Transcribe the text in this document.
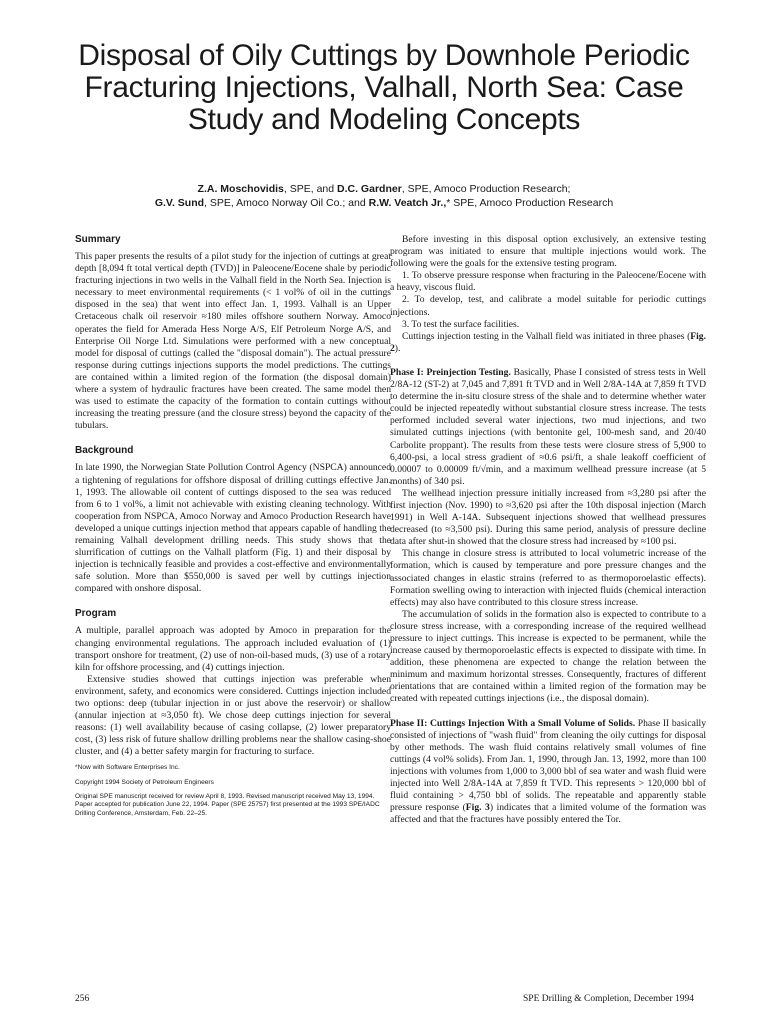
Disposal of Oily Cuttings by Downhole Periodic Fracturing Injections, Valhall, North Sea: Case Study and Modeling Concepts

Z.A. Moschovidis, SPE, and D.C. Gardner, SPE, Amoco Production Research;

G.V. Sund, SPE, Amoco Norway Oil Co.; and R.W. Veatch Jr.,* SPE, Amoco Production Research

Summary

This paper presents the results of a pilot study for the injection of cuttings at great depth [8,094 ft total vertical depth (TVD)] in Paleocene/Eocene shale by periodic fracturing injections in two wells in the Valhall field in the North Sea. Injection is necessary to meet environmental requirements (< 1 vol% of oil in the cuttings disposed in the sea) that went into effect Jan. 1, 1993. Valhall is an Upper Cretaceous chalk oil reservoir ≈180 miles offshore southern Norway. Amoco operates the field for Amerada Hess Norge A/S, Elf Petroleum Norge A/S, and Enterprise Oil Norge Ltd. Simulations were performed with a new conceptual model for disposal of cuttings (called the "disposal domain"). The actual pressure response during cuttings injections supports the model predictions. The cuttings are contained within a limited region of the formation (the disposal domain) where a system of hydraulic fractures have been created. The same model then was used to estimate the capacity of the formation to contain cuttings without increasing the treating pressure (and the closure stress) beyond the capacity of the tubulars.

Background

In late 1990, the Norwegian State Pollution Control Agency (NSPCA) announced a tightening of regulations for offshore disposal of drilling cuttings effective Jan. 1, 1993. The allowable oil content of cuttings disposed to the sea was reduced from 6 to 1 vol%, a limit not achievable with existing cleaning technology. With cooperation from NSPCA, Amoco Norway and Amoco Production Research have developed a unique cuttings injection method that appears capable of handling the remaining Valhall development drilling needs. This study shows that the slurrification of cuttings on the Valhall platform (Fig. 1) and their disposal by injection is technically feasible and provides a cost-effective and environmentally safe solution. More than $550,000 is saved per well by cuttings injection compared with onshore disposal.

Program

A multiple, parallel approach was adopted by Amoco in preparation for the changing environmental regulations. The approach included evaluation of (1) transport onshore for treatment, (2) use of non-oil-based muds, (3) use of a rotary kiln for offshore processing, and (4) cuttings injection.

Extensive studies showed that cuttings injection was preferable when environment, safety, and economics were considered. Cuttings injection included two options: deep (tubular injection in or just above the reservoir) or shallow (annular injection at ≈3,050 ft). We chose deep cuttings injection for several reasons: (1) well availability because of casing collapse, (2) lower preparatory cost, (3) less risk of future shallow drilling problems near the shallow casing-shoe cluster, and (4) a better safety margin for fracturing to surface.

*Now with Software Enterprises Inc.

Copyright 1994 Society of Petroleum Engineers

Original SPE manuscript received for review April 8, 1993. Revised manuscript received May 13, 1994. Paper accepted for publication June 22, 1994. Paper (SPE 25757) first presented at the 1993 SPE/IADC Drilling Conference, Amsterdam, Feb. 22–25.

Before investing in this disposal option exclusively, an extensive testing program was initiated to ensure that multiple injections would work. The following were the goals for the extensive testing program.

1. To observe pressure response when fracturing in the Paleocene/Eocene with a heavy, viscous fluid.

2. To develop, test, and calibrate a model suitable for periodic cuttings injections.

3. To test the surface facilities.

Cuttings injection testing in the Valhall field was initiated in three phases (Fig. 2).

Phase I: Preinjection Testing. Basically, Phase I consisted of stress tests in Well 2/8A-12 (ST-2) at 7,045 and 7,891 ft TVD and in Well 2/8A-14A at 7,859 ft TVD to determine the in-situ closure stress of the shale and to determine whether water could be injected repeatedly without substantial closure stress increase. The tests performed included several water injections, two mud injections, and two simulated cuttings injections (with bentonite gel, 100-mesh sand, and 20/40 Carbolite proppant). The results from these tests were closure stress of 5,900 to 6,400-psi, a local stress gradient of ≈0.6 psi/ft, a shale leakoff coefficient of 0.00007 to 0.00009 ft/√min, and a maximum wellhead pressure increase (at 5 months) of 340 psi.

The wellhead injection pressure initially increased from ≈3,280 psi after the first injection (Nov. 1990) to ≈3,620 psi after the 10th disposal injection (March 1991) in Well A-14A. Subsequent injections showed that wellhead pressures decreased (to ≈3,500 psi). During this same period, analysis of pressure decline data after shut-in showed that the closure stress had increased by ≈100 psi.

This change in closure stress is attributed to local volumetric increase of the formation, which is caused by temperature and pore pressure changes and the associated changes in elastic strains (referred to as thermoporoelastic effects). Formation swelling owing to interaction with injected fluids (chemical interaction effects) may also have contributed to this closure stress increase.

The accumulation of solids in the formation also is expected to contribute to a closure stress increase, with a corresponding increase of the required wellhead pressure to inject cuttings. This increase is expected to be permanent, while the increase caused by thermoporoelastic effects is expected to dissipate with time. In addition, these phenomena are expected to change the relation between the minimum and maximum horizontal stresses. Consequently, fractures of different orientations that are contained within a limited region of the formation may be created with repeated cuttings injections (i.e., the disposal domain).

Phase II: Cuttings Injection With a Small Volume of Solids. Phase II basically consisted of injections of "wash fluid" from cleaning the oily cuttings for disposal by other methods. The wash fluid contains relatively small volumes of fine cuttings (4 vol% solids). From Jan. 1, 1990, through Jan. 13, 1992, more than 100 injections with volumes from 1,000 to 3,000 bbl of sea water and wash fluid were injected into Well 2/8A-14A at 7,859 ft TVD. This represents > 120,000 bbl of fluid containing > 4,750 bbl of solids. The repeatable and apparently stable pressure response (Fig. 3) indicates that a limited volume of the formation was affected and that the fractures have possibly entered the Tor.

256	SPE Drilling & Completion, December 1994
